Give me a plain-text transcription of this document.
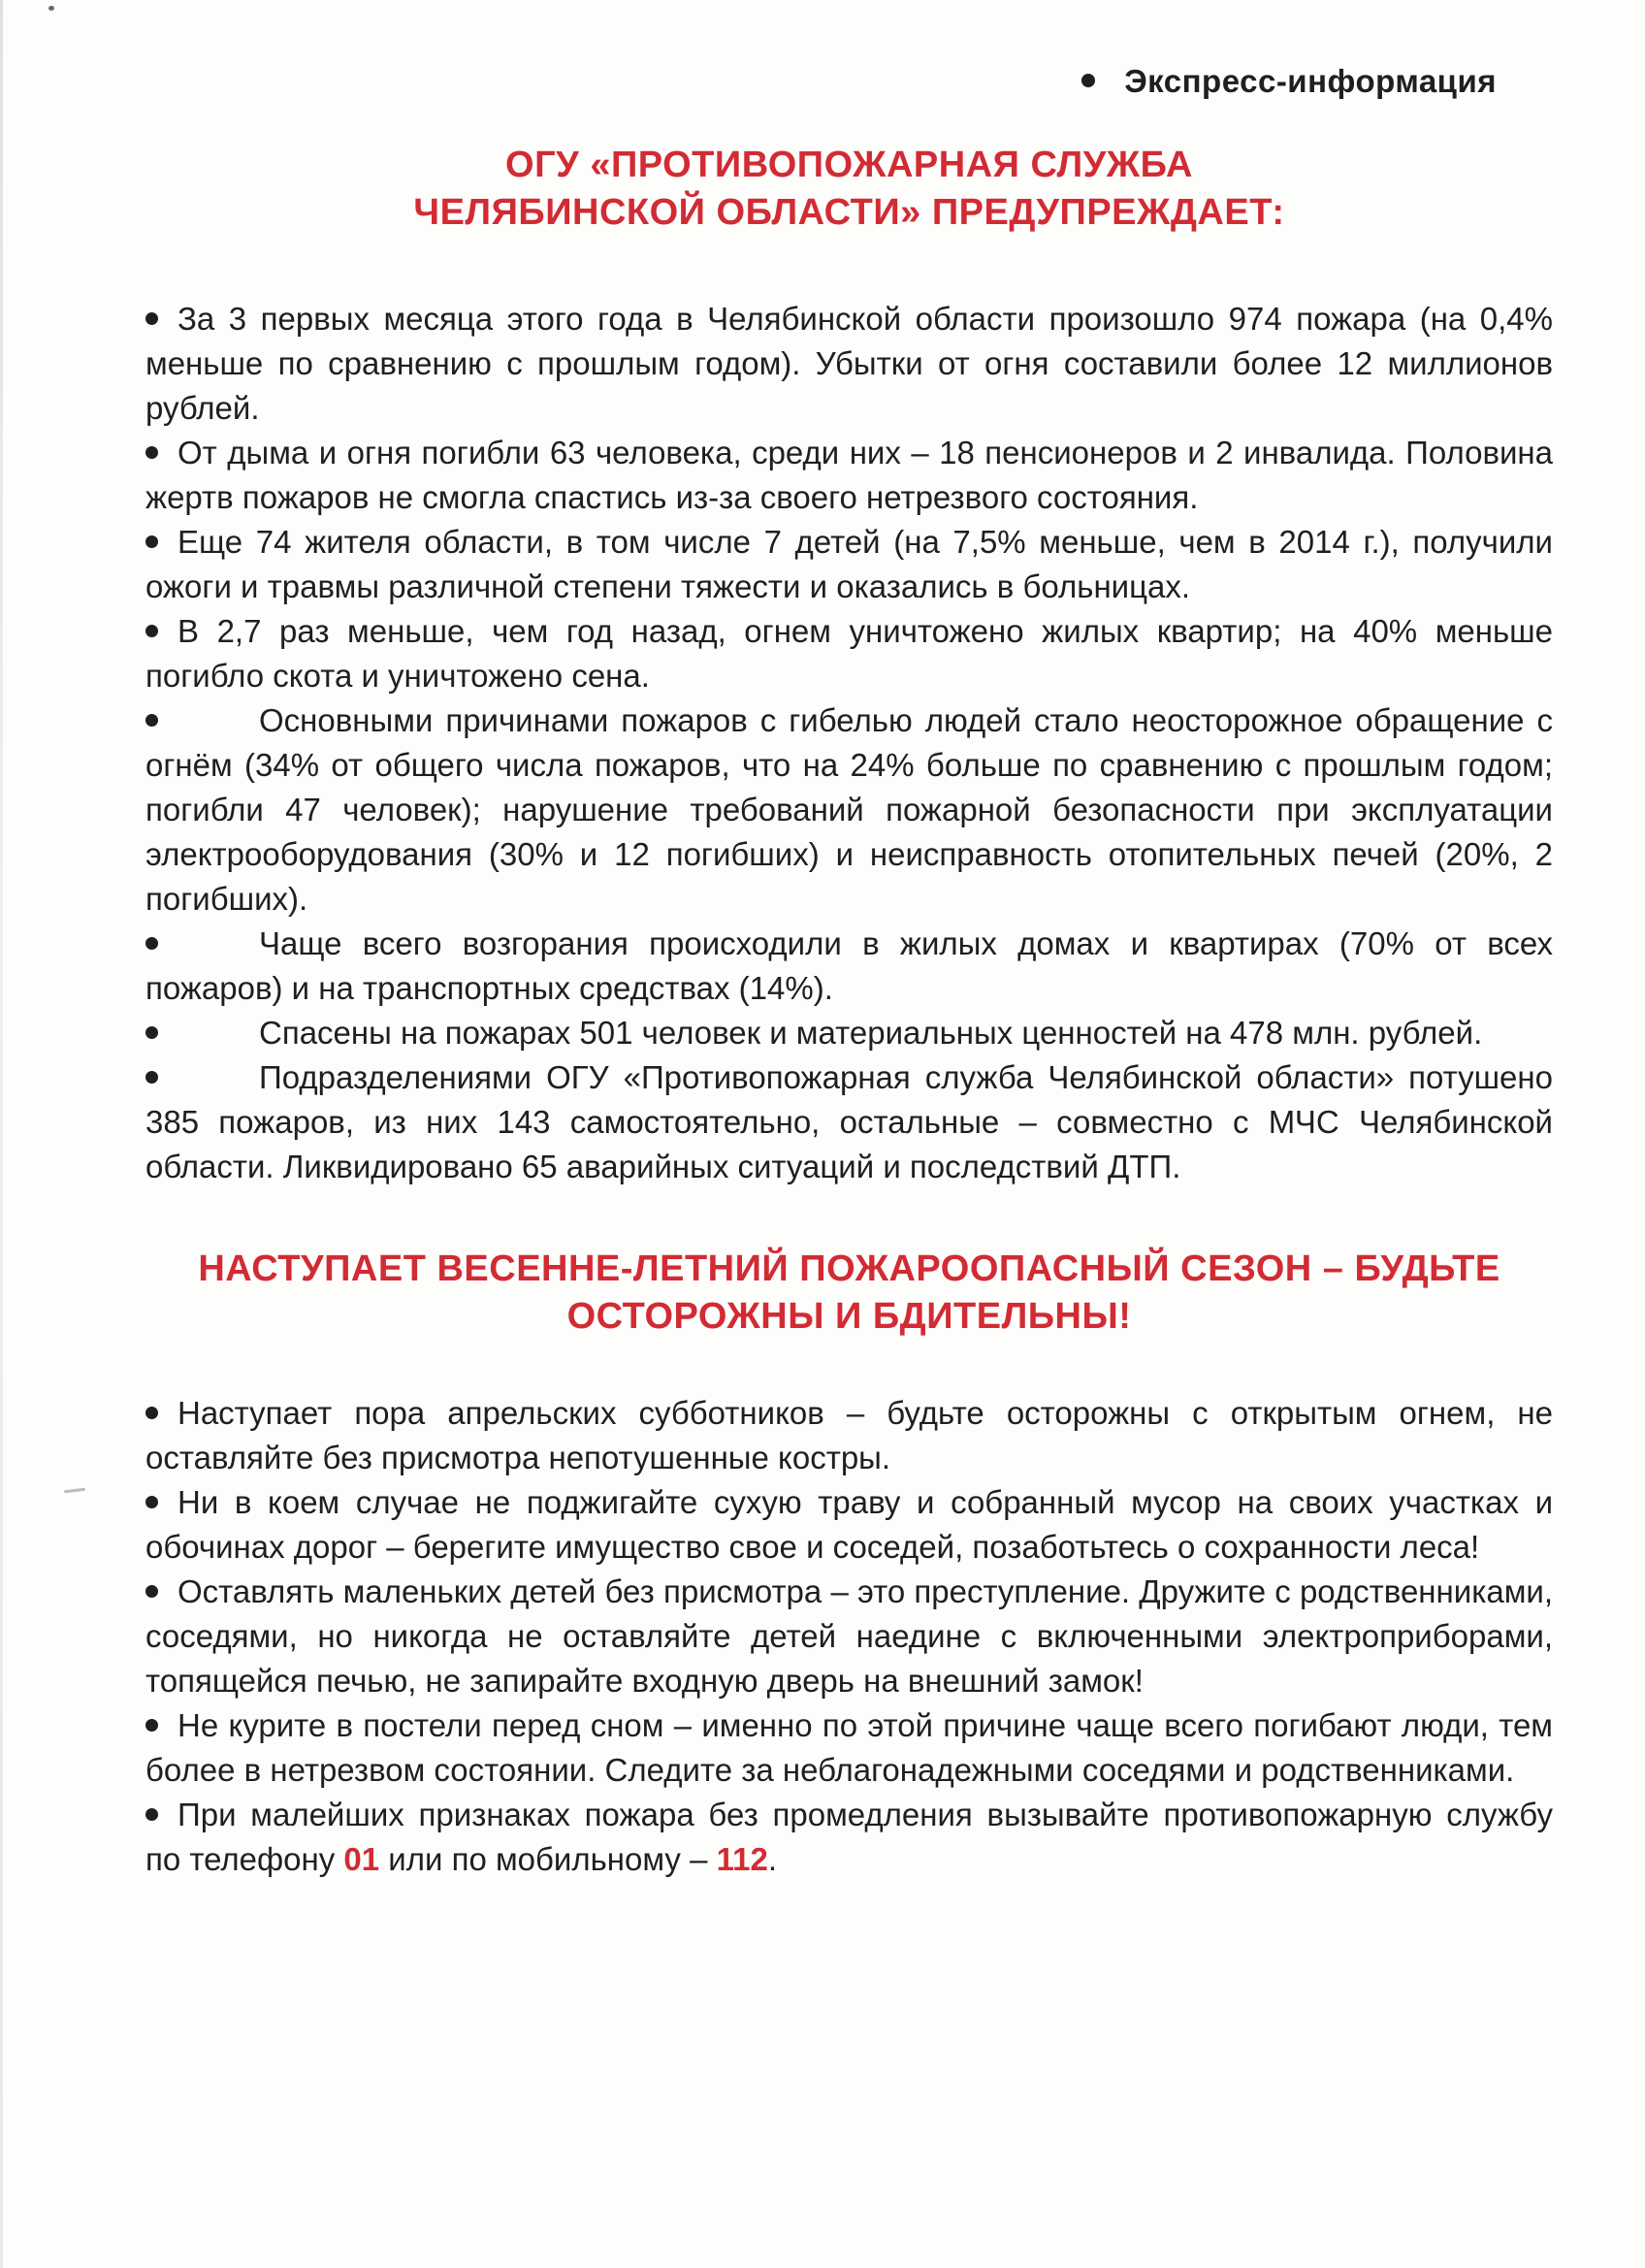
Экспресс-информация
ОГУ «ПРОТИВОПОЖАРНАЯ СЛУЖБА
ЧЕЛЯБИНСКОЙ ОБЛАСТИ» ПРЕДУПРЕЖДАЕТ:

За 3 первых месяца этого года в Челябинской области произошло 974 пожара (на 0,4% меньше по сравнению с прошлым годом). Убытки от огня составили более 12 миллионов рублей.

От дыма и огня погибли 63 человека, среди них – 18 пенсионеров и 2 инвалида. Половина жертв пожаров не смогла спастись из-за своего нетрезвого состояния.

Еще 74 жителя области, в том числе 7 детей (на 7,5% меньше, чем в 2014 г.), получили ожоги и травмы различной степени тяжести и оказались в больницах.

В 2,7 раз меньше, чем год назад, огнем уничтожено жилых квартир; на 40% меньше погибло скота и уничтожено сена.

Основными причинами пожаров с гибелью людей стало неосторожное обращение с огнём (34% от общего числа пожаров, что на 24% больше по сравнению с прошлым годом; погибли 47 человек); нарушение требований пожарной безопасности при эксплуатации электрооборудования (30% и 12 погибших) и неисправность отопительных печей (20%, 2 погибших).

Чаще всего возгорания происходили в жилых домах и квартирах (70% от всех пожаров) и на транспортных средствах (14%).

Спасены на пожарах 501 человек и материальных ценностей на 478 млн. рублей.

Подразделениями ОГУ «Противопожарная служба Челябинской области» потушено 385 пожаров, из них 143 самостоятельно, остальные – совместно с МЧС Челябинской области. Ликвидировано 65 аварийных ситуаций и последствий ДТП.

НАСТУПАЕТ ВЕСЕННЕ-ЛЕТНИЙ ПОЖАРООПАСНЫЙ СЕЗОН – БУДЬТЕ
ОСТОРОЖНЫ И БДИТЕЛЬНЫ!

Наступает пора апрельских субботников – будьте осторожны с открытым огнем, не оставляйте без присмотра непотушенные костры.

Ни в коем случае не поджигайте сухую траву и собранный мусор на своих участках и обочинах дорог – берегите имущество свое и соседей, позаботьтесь о сохранности леса!

Оставлять маленьких детей без присмотра – это преступление. Дружите с родственниками, соседями, но никогда не оставляйте детей наедине с включенными электроприборами, топящейся печью, не запирайте входную дверь на внешний замок!

Не курите в постели перед сном – именно по этой причине чаще всего погибают люди, тем более в нетрезвом состоянии. Следите за неблагонадежными соседями и родственниками.

При малейших признаках пожара без промедления вызывайте противопожарную службу по телефону 01 или по мобильному – 112.
